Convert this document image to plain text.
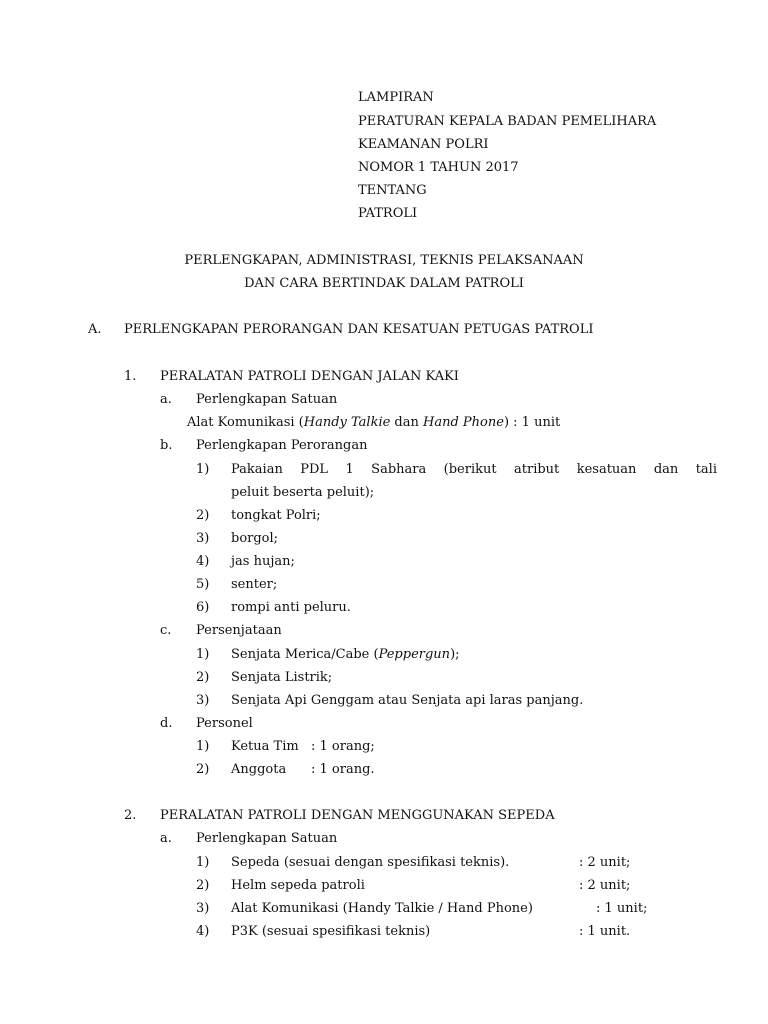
LAMPIRAN
PERATURAN KEPALA BADAN PEMELIHARA
KEAMANAN POLRI
NOMOR 1 TAHUN 2017
TENTANG
PATROLI
PERLENGKAPAN, ADMINISTRASI, TEKNIS PELAKSANAAN
DAN CARA BERTINDAK DALAM PATROLI
A. PERLENGKAPAN PERORANGAN DAN KESATUAN PETUGAS PATROLI
1. PERALATAN PATROLI DENGAN JALAN KAKI
a. Perlengkapan Satuan
Alat Komunikasi (Handy Talkie dan Hand Phone) : 1 unit
b. Perlengkapan Perorangan
1) Pakaian PDL 1 Sabhara (berikut atribut kesatuan dan tali
peluit beserta peluit);
2) tongkat Polri;
3) borgol;
4) jas hujan;
5) senter;
6) rompi anti peluru.
c. Persenjataan
1) Senjata Merica/Cabe (Peppergun);
2) Senjata Listrik;
3) Senjata Api Genggam atau Senjata api laras panjang.
d. Personel
1) Ketua Tim : 1 orang;
2) Anggota : 1 orang.
2. PERALATAN PATROLI DENGAN MENGGUNAKAN SEPEDA
a. Perlengkapan Satuan
1) Sepeda (sesuai dengan spesifikasi teknis).	: 2 unit;
2) Helm sepeda patroli	: 2 unit;
3) Alat Komunikasi (Handy Talkie / Hand Phone)	: 1 unit;
4) P3K (sesuai spesifikasi teknis)	: 1 unit.
